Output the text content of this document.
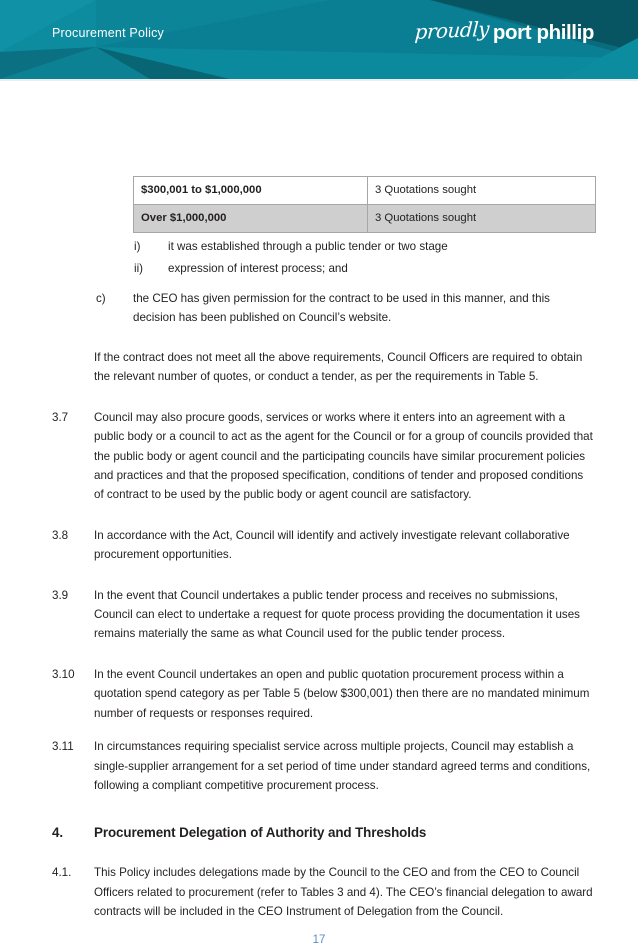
Procurement Policy	proudly port phillip
$300,001 to $1,000,000	3 Quotations sought
Over $1,000,000	3 Quotations sought

i) it was established through a public tender or two stage

ii) expression of interest process; and

c) the CEO has given permission for the contract to be used in this manner, and this decision has been published on Council’s website.

If the contract does not meet all the above requirements, Council Officers are required to obtain the relevant number of quotes, or conduct a tender, as per the requirements in Table 5.

3.7 Council may also procure goods, services or works where it enters into an agreement with a public body or a council to act as the agent for the Council or for a group of councils provided that the public body or agent council and the participating councils have similar procurement policies and practices and that the proposed specification, conditions of tender and proposed conditions of contract to be used by the public body or agent council are satisfactory.

3.8 In accordance with the Act, Council will identify and actively investigate relevant collaborative procurement opportunities.

3.9 In the event that Council undertakes a public tender process and receives no submissions, Council can elect to undertake a request for quote process providing the documentation it uses remains materially the same as what Council used for the public tender process.

3.10 In the event Council undertakes an open and public quotation procurement process within a quotation spend category as per Table 5 (below $300,001) then there are no mandated minimum number of requests or responses required.

3.11 In circumstances requiring specialist service across multiple projects, Council may establish a single-supplier arrangement for a set period of time under standard agreed terms and conditions, following a compliant competitive procurement process.

4. Procurement Delegation of Authority and Thresholds

4.1. This Policy includes delegations made by the Council to the CEO and from the CEO to Council Officers related to procurement (refer to Tables 3 and 4). The CEO’s financial delegation to award contracts will be included in the CEO Instrument of Delegation from the Council.

17
